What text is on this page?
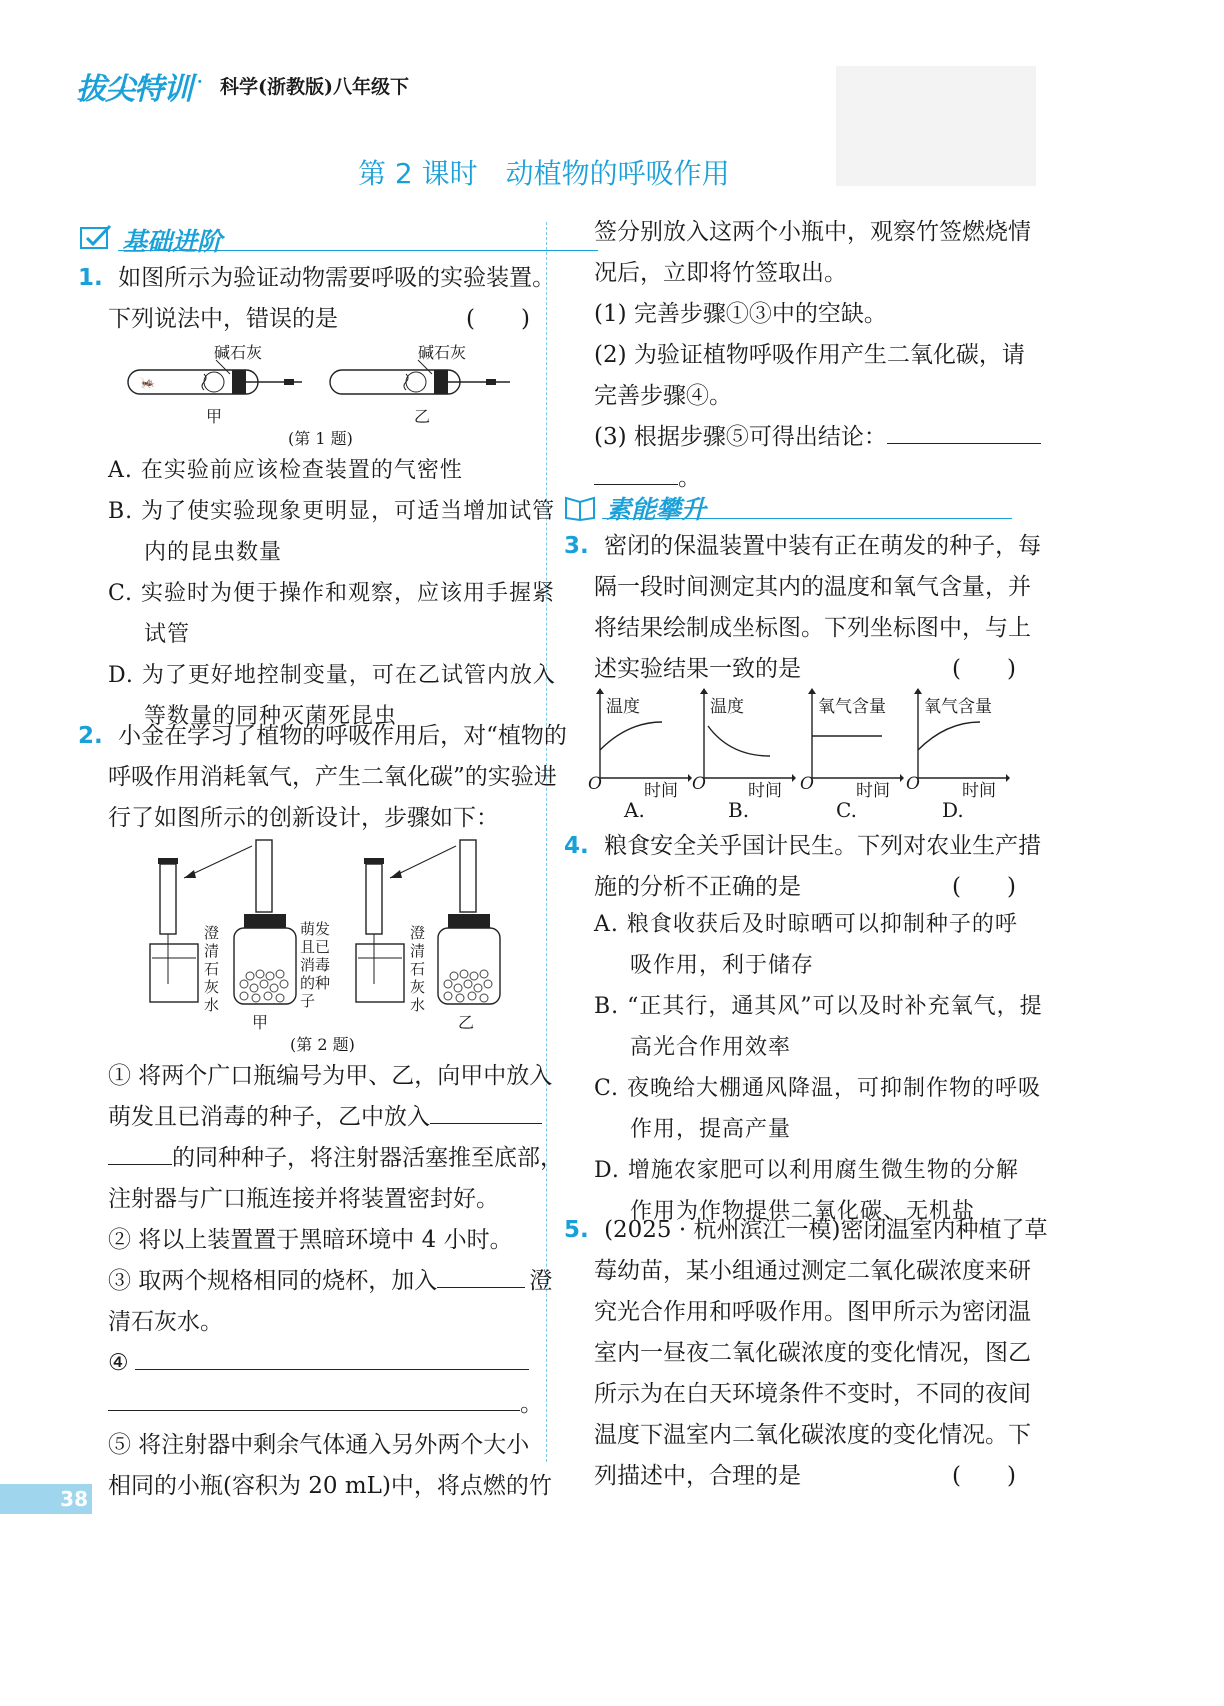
拔尖特训 · 科学(浙教版)八年级下
第 2 课时　动植物的呼吸作用
基础进阶
1. 如图所示为验证动物需要呼吸的实验装置。
下列说法中，错误的是	(　　)
🦗
碱石灰	碱石灰
甲	乙
(第 1 题)
A. 在实验前应该检查装置的气密性
B. 为了使实验现象更明显，可适当增加试管
内的昆虫数量
C. 实验时为便于操作和观察，应该用手握紧
试管
D. 为了更好地控制变量，可在乙试管内放入
等数量的同种灭菌死昆虫
2. 小金在学习了植物的呼吸作用后，对“植物的
呼吸作用消耗氧气，产生二氧化碳”的实验进
行了如图所示的创新设计，步骤如下：
澄
清
石
灰
水
萌发
且已
消毒
的种
子
澄
清
石
灰
水
甲	乙
(第 2 题)
① 将两个广口瓶编号为甲、乙，向甲中放入
萌发且已消毒的种子，乙中放入
的同种种子，将注射器活塞推至底部，
注射器与广口瓶连接并将装置密封好。
② 将以上装置置于黑暗环境中 4 小时。
③ 取两个规格相同的烧杯，加入	澄
清石灰水。
④
。
⑤ 将注射器中剩余气体通入另外两个大小
相同的小瓶(容积为 20 mL)中，将点燃的竹
签分别放入这两个小瓶中，观察竹签燃烧情
况后，立即将竹签取出。
(1) 完善步骤①③中的空缺。
(2) 为验证植物呼吸作用产生二氧化碳，请
完善步骤④。
(3) 根据步骤⑤可得出结论：
。
素能攀升
3. 密闭的保温装置中装有正在萌发的种子，每
隔一段时间测定其内的温度和氧气含量，并
将结果绘制成坐标图。下列坐标图中，与上
述实验结果一致的是	(　　)
温度
O 时间
A.
温度
O 时间
B.
氧气含量
O 时间
C.
氧气含量
O 时间
D.
4. 粮食安全关乎国计民生。下列对农业生产措
施的分析不正确的是	(　　)
A. 粮食收获后及时晾晒可以抑制种子的呼
吸作用，利于储存
B. “正其行，通其风”可以及时补充氧气，提
高光合作用效率
C. 夜晚给大棚通风降温，可抑制作物的呼吸
作用，提高产量
D. 增施农家肥可以利用腐生微生物的分解
作用为作物提供二氧化碳、无机盐
5. (2025 · 杭州滨江一模)密闭温室内种植了草
莓幼苗，某小组通过测定二氧化碳浓度来研
究光合作用和呼吸作用。图甲所示为密闭温
室内一昼夜二氧化碳浓度的变化情况，图乙
所示为在白天环境条件不变时，不同的夜间
温度下温室内二氧化碳浓度的变化情况。下
列描述中，合理的是	(　　)
38
